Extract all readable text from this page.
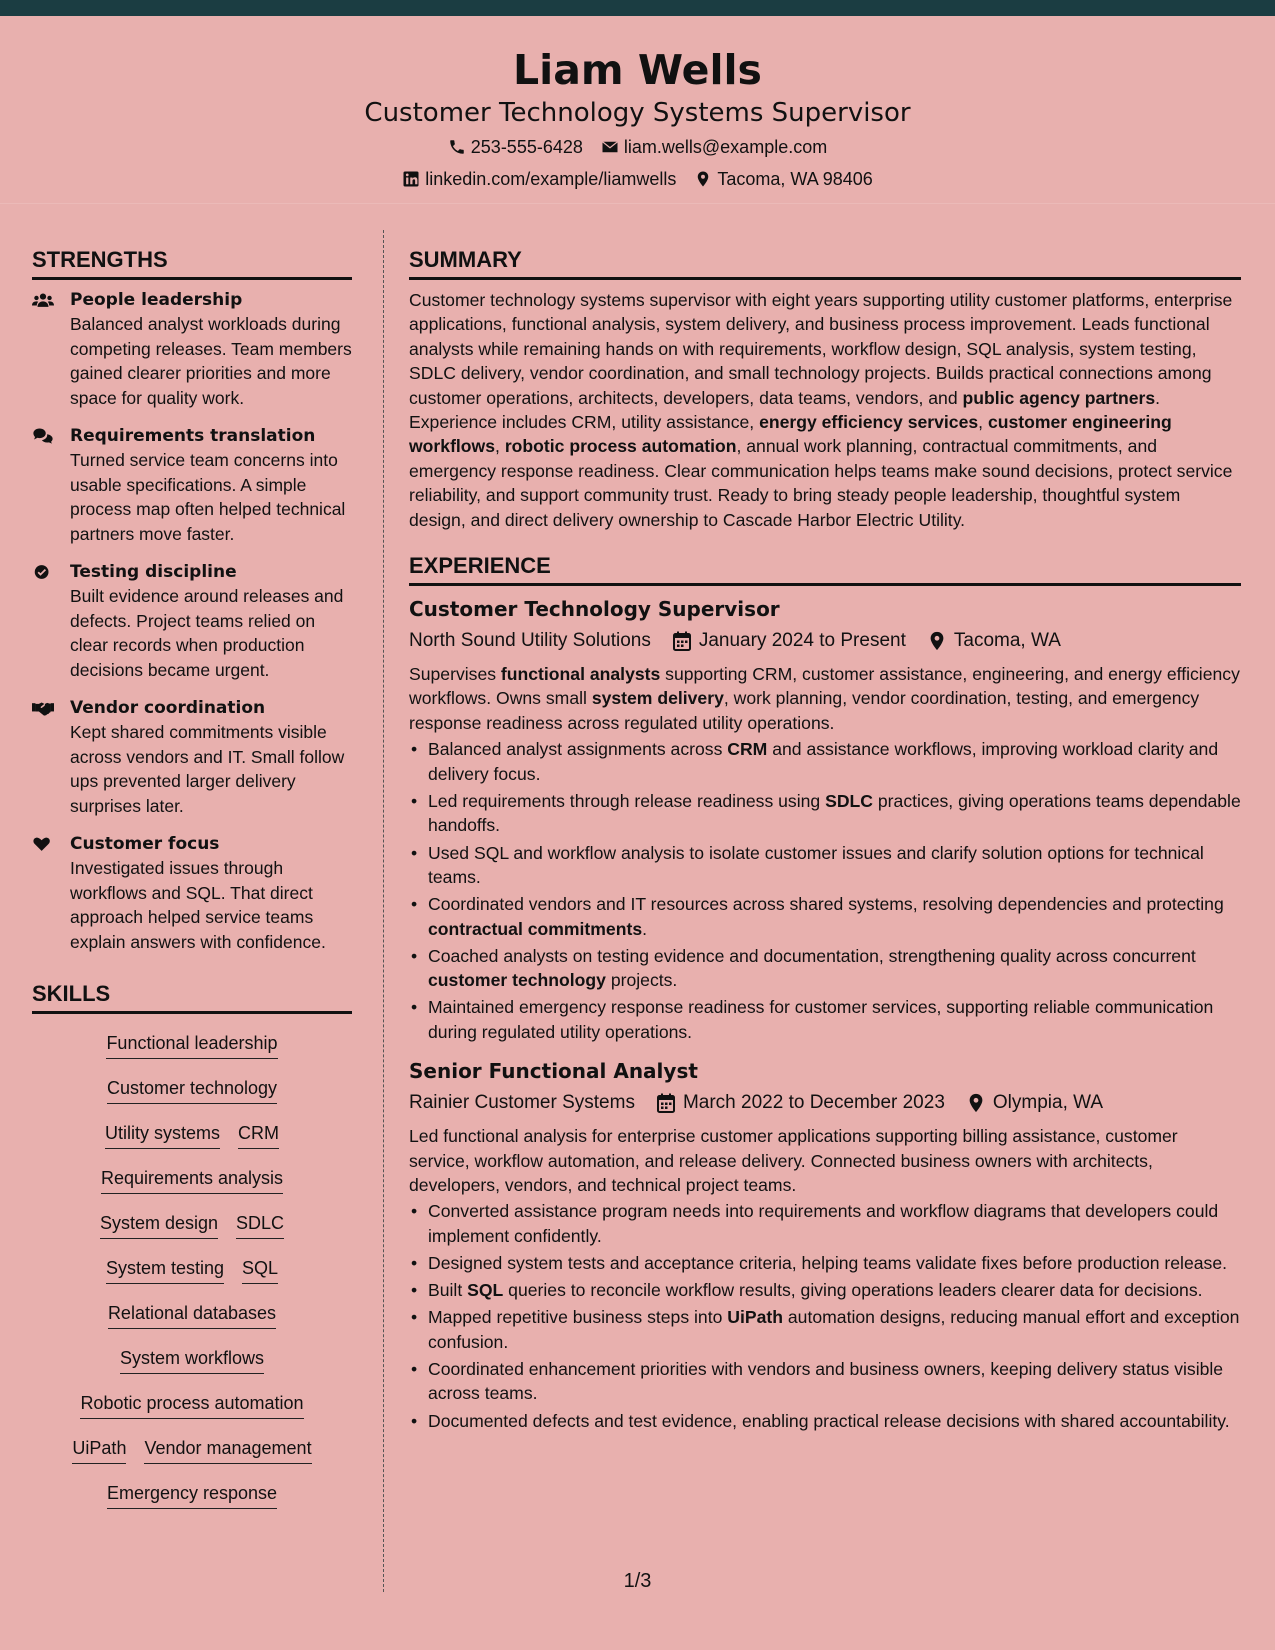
Liam Wells
Customer Technology Systems Supervisor
253-555-6428 liam.wells@example.com
linkedin.com/example/liamwells Tacoma, WA 98406
STRENGTHS
People leadership
Balanced analyst workloads during competing releases. Team members gained clearer priorities and more space for quality work.
Requirements translation
Turned service team concerns into usable specifications. A simple process map often helped technical partners move faster.
Testing discipline
Built evidence around releases and defects. Project teams relied on clear records when production decisions became urgent.
Vendor coordination
Kept shared commitments visible across vendors and IT. Small follow ups prevented larger delivery surprises later.
Customer focus
Investigated issues through workflows and SQL. That direct approach helped service teams explain answers with confidence.
SKILLS
Functional leadership
Customer technology
Utility systems CRM
Requirements analysis
System design SDLC
System testing SQL
Relational databases
System workflows
Robotic process automation
UiPath Vendor management
Emergency response
SUMMARY
Customer technology systems supervisor with eight years supporting utility customer platforms, enterprise applications, functional analysis, system delivery, and business process improvement. Leads functional analysts while remaining hands on with requirements, workflow design, SQL analysis, system testing, SDLC delivery, vendor coordination, and small technology projects. Builds practical connections among customer operations, architects, developers, data teams, vendors, and public agency partners. Experience includes CRM, utility assistance, energy efficiency services, customer engineering workflows, robotic process automation, annual work planning, contractual commitments, and emergency response readiness. Clear communication helps teams make sound decisions, protect service reliability, and support community trust. Ready to bring steady people leadership, thoughtful system design, and direct delivery ownership to Cascade Harbor Electric Utility.
EXPERIENCE
Customer Technology Supervisor
North Sound Utility Solutions	January 2024 to Present	Tacoma, WA
Supervises functional analysts supporting CRM, customer assistance, engineering, and energy efficiency workflows. Owns small system delivery, work planning, vendor coordination, testing, and emergency response readiness across regulated utility operations.
• Balanced analyst assignments across CRM and assistance workflows, improving workload clarity and delivery focus.
• Led requirements through release readiness using SDLC practices, giving operations teams dependable handoffs.
• Used SQL and workflow analysis to isolate customer issues and clarify solution options for technical teams.
• Coordinated vendors and IT resources across shared systems, resolving dependencies and protecting contractual commitments.
• Coached analysts on testing evidence and documentation, strengthening quality across concurrent customer technology projects.
• Maintained emergency response readiness for customer services, supporting reliable communication during regulated utility operations.
Senior Functional Analyst
Rainier Customer Systems	March 2022 to December 2023	Olympia, WA
Led functional analysis for enterprise customer applications supporting billing assistance, customer service, workflow automation, and release delivery. Connected business owners with architects, developers, vendors, and technical project teams.
• Converted assistance program needs into requirements and workflow diagrams that developers could implement confidently.
• Designed system tests and acceptance criteria, helping teams validate fixes before production release.
• Built SQL queries to reconcile workflow results, giving operations leaders clearer data for decisions.
• Mapped repetitive business steps into UiPath automation designs, reducing manual effort and exception confusion.
• Coordinated enhancement priorities with vendors and business owners, keeping delivery status visible across teams.
• Documented defects and test evidence, enabling practical release decisions with shared accountability.
1/3
